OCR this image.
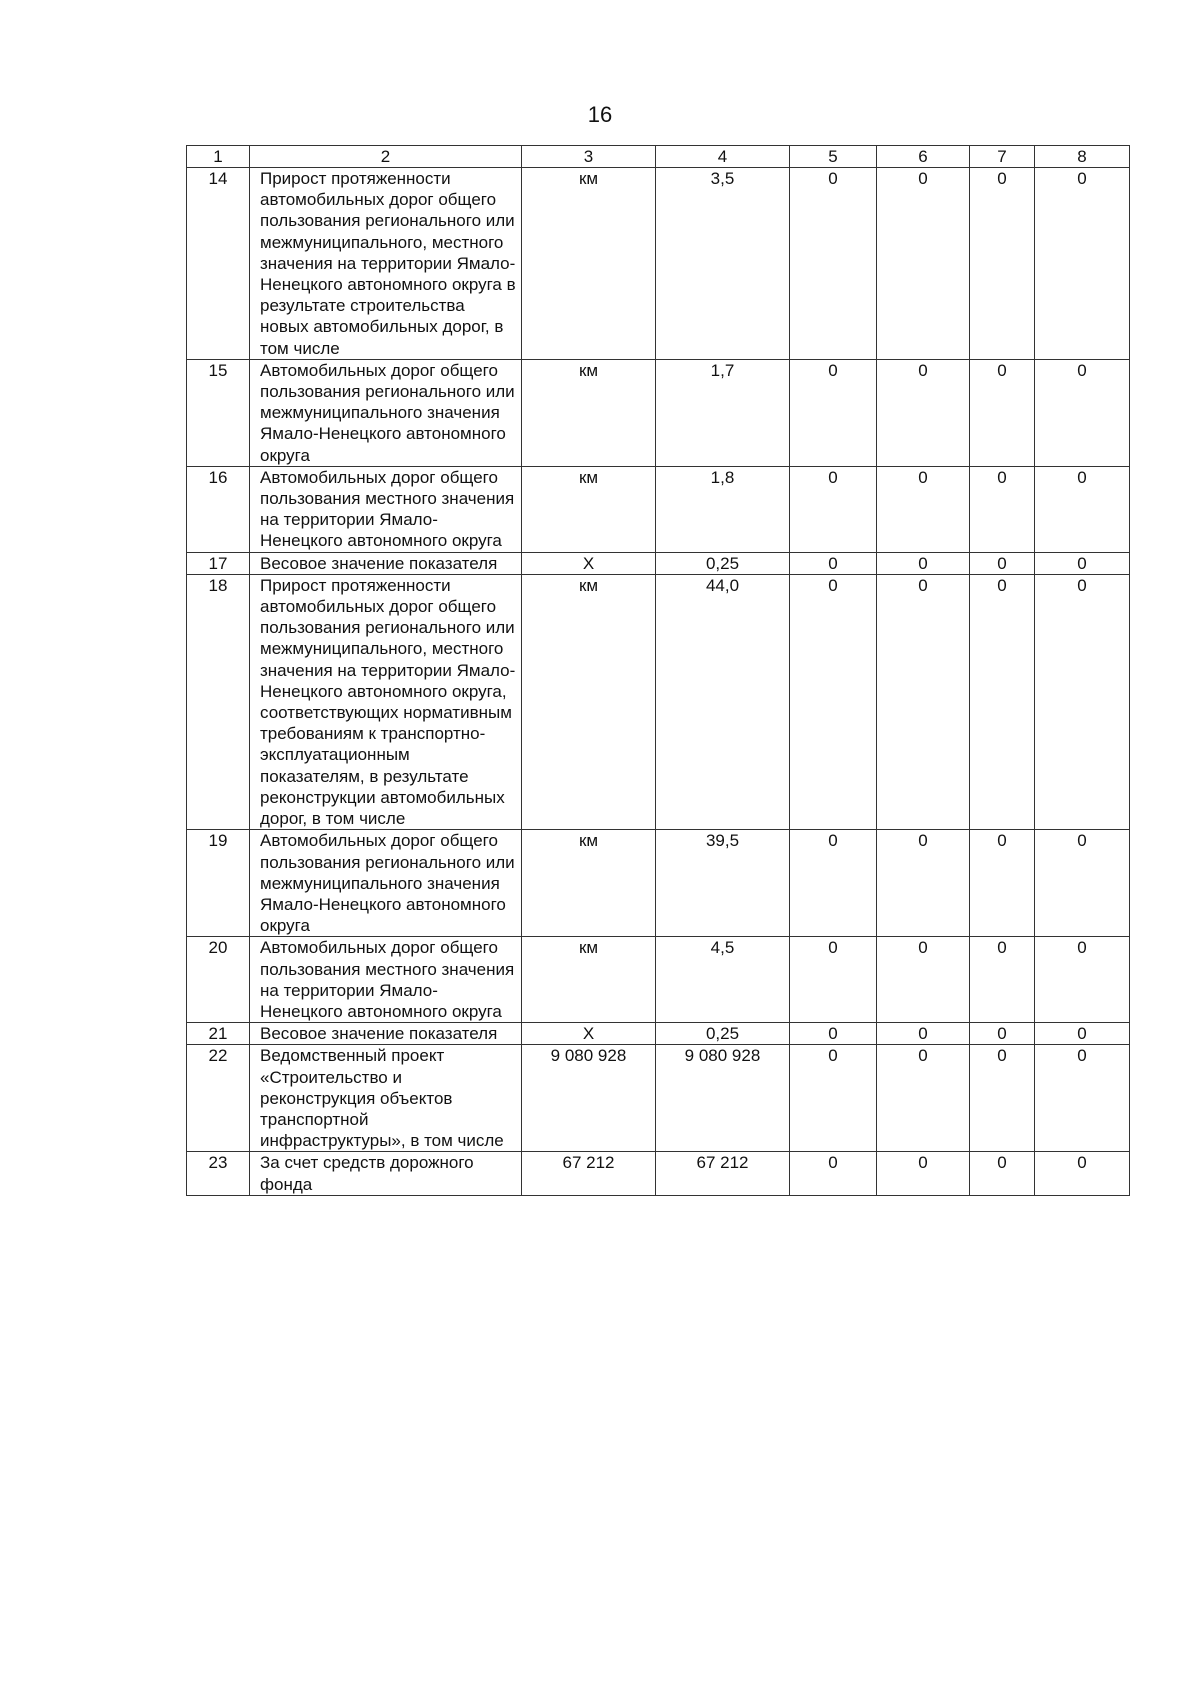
16
1	2	3	4	5	6	7	8
14	Прирост протяженности автомобильных дорог общего пользования регионального или межмуниципального, местного значения на территории Ямало-Ненецкого автономного округа в результате строительства новых автомобильных дорог, в том числе	км	3,5	0	0	0	0
15	Автомобильных дорог общего пользования регионального или межмуниципального значения Ямало-Ненецкого автономного округа	км	1,7	0	0	0	0
16	Автомобильных дорог общего пользования местного значения на территории Ямало-Ненецкого автономного округа	км	1,8	0	0	0	0
17	Весовое значение показателя	Х	0,25	0	0	0	0
18	Прирост протяженности автомобильных дорог общего пользования регионального или межмуниципального, местного значения на территории Ямало-Ненецкого автономного округа, соответствующих нормативным требованиям к транспортно-эксплуатационным показателям, в результате реконструкции автомобильных дорог, в том числе	км	44,0	0	0	0	0
19	Автомобильных дорог общего пользования регионального или межмуниципального значения Ямало-Ненецкого автономного округа	км	39,5	0	0	0	0
20	Автомобильных дорог общего пользования местного значения на территории Ямало-Ненецкого автономного округа	км	4,5	0	0	0	0
21	Весовое значение показателя	Х	0,25	0	0	0	0
22	Ведомственный проект «Строительство и реконструкция объектов транспортной инфраструктуры», в том числе	9 080 928	9 080 928	0	0	0	0
23	За счет средств дорожного фонда	67 212	67 212	0	0	0	0
